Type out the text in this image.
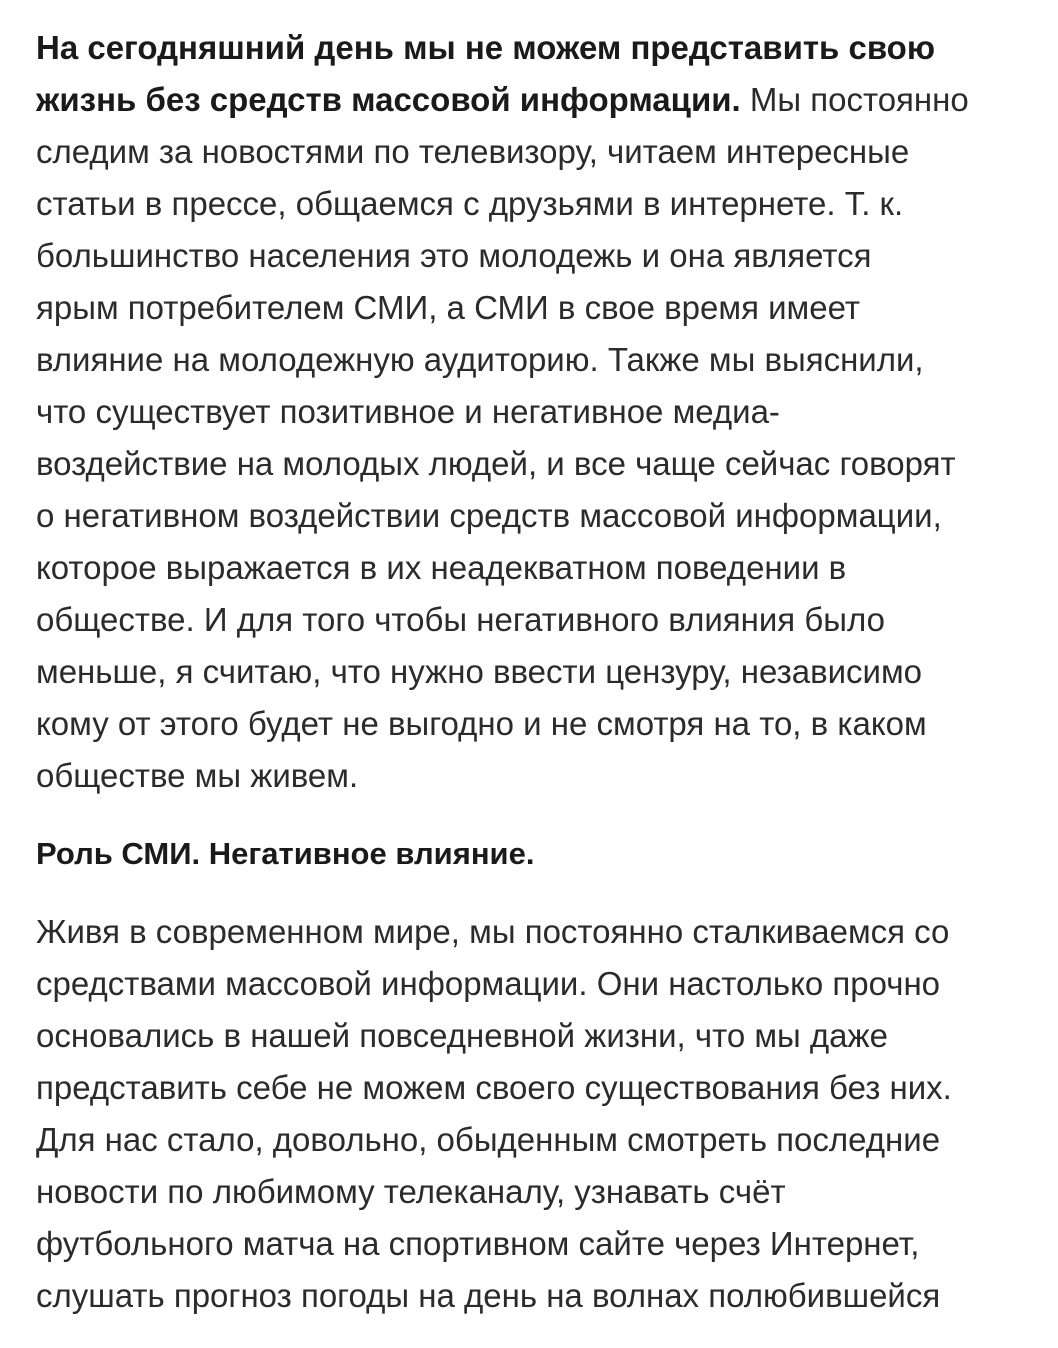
На сегодняшний день мы не можем представить свою
жизнь без средств массовой информации. Мы постоянно
следим за новостями по телевизору, читаем интересные
статьи в прессе, общаемся с друзьями в интернете. Т. к.
большинство населения это молодежь и она является
ярым потребителем СМИ, а СМИ в свое время имеет
влияние на молодежную аудиторию. Также мы выяснили,
что существует позитивное и негативное медиа-
воздействие на молодых людей, и все чаще сейчас говорят
о негативном воздействии средств массовой информации,
которое выражается в их неадекватном поведении в
обществе. И для того чтобы негативного влияния было
меньше, я считаю, что нужно ввести цензуру, независимо
кому от этого будет не выгодно и не смотря на то, в каком
обществе мы живем.

Роль СМИ. Негативное влияние.

Живя в современном мире, мы постоянно сталкиваемся со
средствами массовой информации. Они настолько прочно
основались в нашей повседневной жизни, что мы даже
представить себе не можем своего существования без них.
Для нас стало, довольно, обыденным смотреть последние
новости по любимому телеканалу, узнавать счёт
футбольного матча на спортивном сайте через Интернет,
слушать прогноз погоды на день на волнах полюбившейся
